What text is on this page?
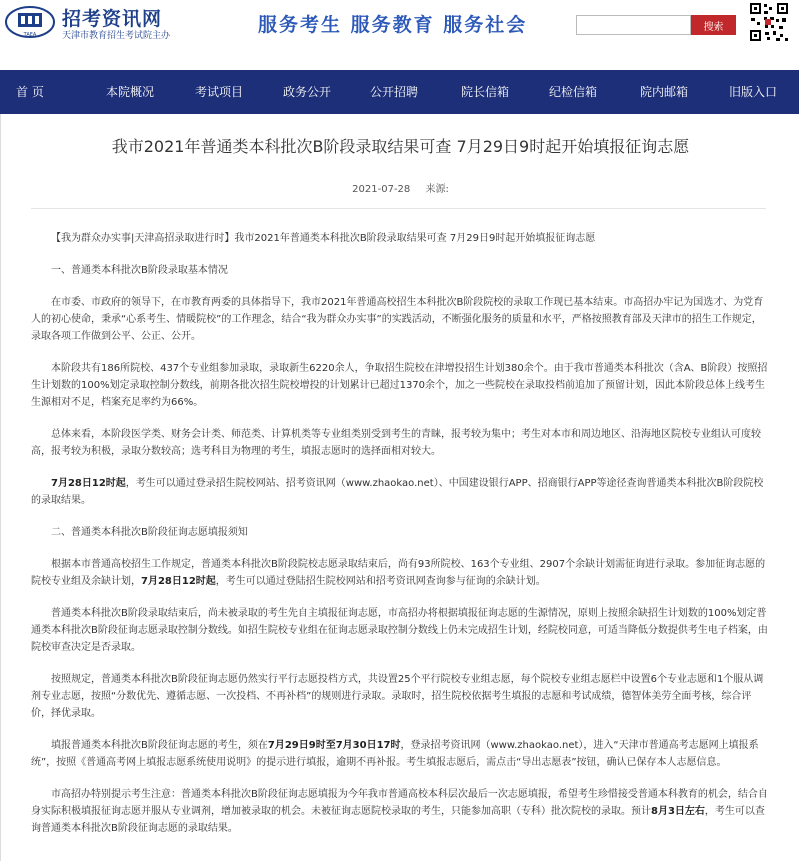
TAEA
招考资讯网
天津市教育招生考试院主办	服务考生 服务教育 服务社会	搜索
首 页	本院概况	考试项目	政务公开	公开招聘	院长信箱	纪检信箱	院内邮箱	旧版入口
我市2021年普通类本科批次B阶段录取结果可查 7月29日9时起开始填报征询志愿
2021-07-28 来源:

【我为群众办实事|天津高招录取进行时】我市2021年普通类本科批次B阶段录取结果可查 7月29日9时起开始填报征询志愿

一、普通类本科批次B阶段录取基本情况

在市委、市政府的领导下，在市教育两委的具体指导下，我市2021年普通高校招生本科批次B阶段院校的录取工作现已基本结束。市高招办牢记为国选才、为党育人的初心使命，秉承“心系考生、情暖院校”的工作理念，结合“我为群众办实事”的实践活动，不断强化服务的质量和水平，严格按照教育部及天津市的招生工作规定，录取各项工作做到公平、公正、公开。

本阶段共有186所院校、437个专业组参加录取，录取新生6220余人，争取招生院校在津增投招生计划380余个。由于我市普通类本科批次（含A、B阶段）按照招生计划数的100%划定录取控制分数线，前期各批次招生院校增投的计划累计已超过1370余个，加之一些院校在录取投档前追加了预留计划，因此本阶段总体上线考生生源相对不足，档案充足率约为66%。

总体来看，本阶段医学类、财务会计类、师范类、计算机类等专业组类别受到考生的青睐，报考较为集中；考生对本市和周边地区、沿海地区院校专业组认可度较高，报考较为积极，录取分数较高；选考科目为物理的考生，填报志愿时的选择面相对较大。

7月28日12时起，考生可以通过登录招生院校网站、招考资讯网（www.zhaokao.net）、中国建设银行APP、招商银行APP等途径查询普通类本科批次B阶段院校的录取结果。

二、普通类本科批次B阶段征询志愿填报须知

根据本市普通高校招生工作规定，普通类本科批次B阶段院校志愿录取结束后，尚有93所院校、163个专业组、2907个余缺计划需征询进行录取。参加征询志愿的院校专业组及余缺计划，7月28日12时起，考生可以通过登陆招生院校网站和招考资讯网查询参与征询的余缺计划。

普通类本科批次B阶段录取结束后，尚未被录取的考生先自主填报征询志愿，市高招办将根据填报征询志愿的生源情况，原则上按照余缺招生计划数的100%划定普通类本科批次B阶段征询志愿录取控制分数线。如招生院校专业组在征询志愿录取控制分数线上仍未完成招生计划，经院校同意，可适当降低分数提供考生电子档案，由院校审查决定是否录取。

按照规定，普通类本科批次B阶段征询志愿仍然实行平行志愿投档方式，共设置25个平行院校专业组志愿，每个院校专业组志愿栏中设置6个专业志愿和1个服从调剂专业志愿，按照“分数优先、遵循志愿、一次投档、不再补档”的规则进行录取。录取时，招生院校依据考生填报的志愿和考试成绩，德智体美劳全面考核，综合评价，择优录取。

填报普通类本科批次B阶段征询志愿的考生，须在7月29日9时至7月30日17时，登录招考资讯网（www.zhaokao.net），进入“天津市普通高考志愿网上填报系统”，按照《普通高考网上填报志愿系统使用说明》的提示进行填报，逾期不再补报。考生填报志愿后，需点击“导出志愿表”按钮，确认已保存本人志愿信息。

市高招办特别提示考生注意：普通类本科批次B阶段征询志愿填报为今年我市普通高校本科层次最后一次志愿填报，希望考生珍惜接受普通本科教育的机会，结合自身实际积极填报征询志愿并服从专业调剂，增加被录取的机会。未被征询志愿院校录取的考生，只能参加高职（专科）批次院校的录取。预计8月3日左右，考生可以查询普通类本科批次B阶段征询志愿的录取结果。
